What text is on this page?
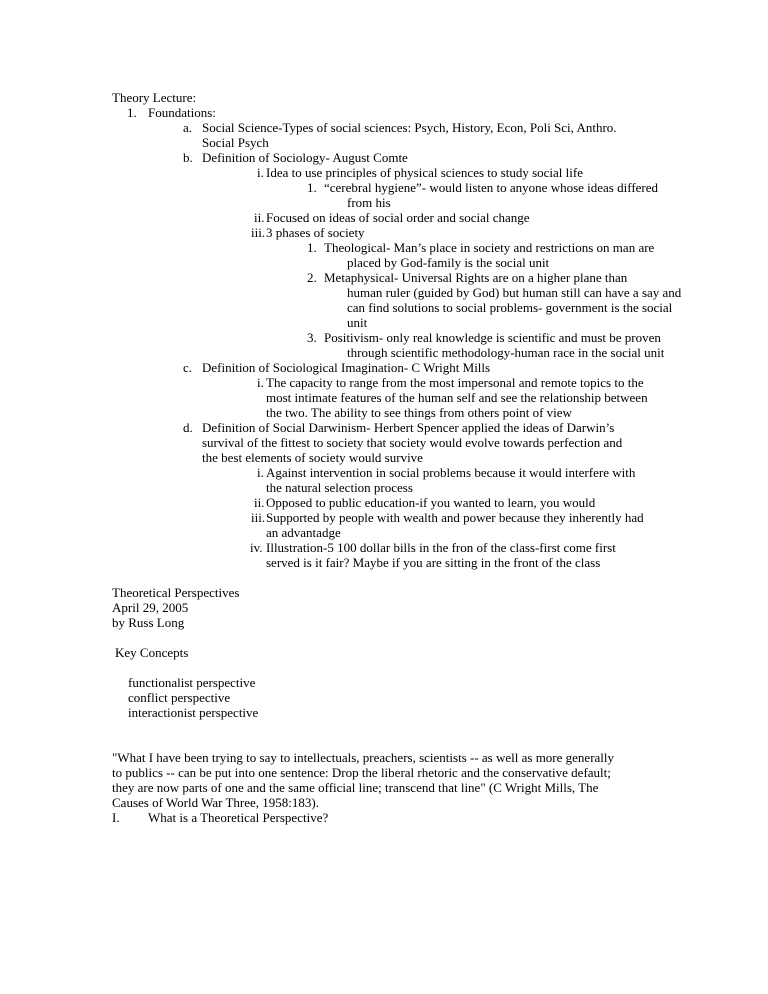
Theory Lecture:
1. Foundations:
a. Social Science-Types of social sciences: Psych, History, Econ, Poli Sci, Anthro.
Social Psych
b. Definition of Sociology- August Comte
i. Idea to use principles of physical sciences to study social life
1. “cerebral hygiene”- would listen to anyone whose ideas differed
from his
ii. Focused on ideas of social order and social change
iii. 3 phases of society
1. Theological- Man’s place in society and restrictions on man are
placed by God-family is the social unit
2. Metaphysical- Universal Rights are on a higher plane than
human ruler (guided by God) but human still can have a say and
can find solutions to social problems- government is the social
unit
3. Positivism- only real knowledge is scientific and must be proven
through scientific methodology-human race in the social unit
c. Definition of Sociological Imagination- C Wright Mills
i. The capacity to range from the most impersonal and remote topics to the
most intimate features of the human self and see the relationship between
the two. The ability to see things from others point of view
d. Definition of Social Darwinism- Herbert Spencer applied the ideas of Darwin’s
survival of the fittest to society that society would evolve towards perfection and
the best elements of society would survive
i. Against intervention in social problems because it would interfere with
the natural selection process
ii. Opposed to public education-if you wanted to learn, you would
iii. Supported by people with wealth and power because they inherently had
an advantadge
iv. Illustration-5 100 dollar bills in the fron of the class-first come first
served is it fair? Maybe if you are sitting in the front of the class
Theoretical Perspectives
April 29, 2005
by Russ Long
Key Concepts
functionalist perspective
conflict perspective
interactionist perspective
"What I have been trying to say to intellectuals, preachers, scientists -- as well as more generally
to publics -- can be put into one sentence: Drop the liberal rhetoric and the conservative default;
they are now parts of one and the same official line; transcend that line" (C Wright Mills, The
Causes of World War Three, 1958:183).
I. What is a Theoretical Perspective?
